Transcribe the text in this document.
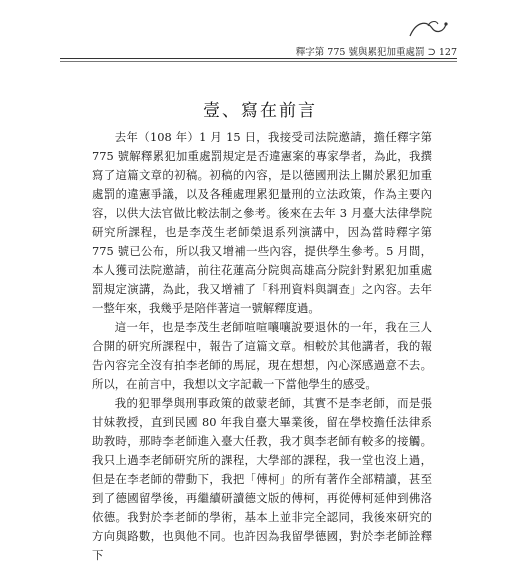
釋字第 775 號與累犯加重處罰 ⊃ 127
壹、寫在前言

去年（108 年）1 月 15 日，我接受司法院邀請，擔任釋字第 775 號解釋累犯加重處罰規定是否違憲案的專家學者，為此，我撰寫了這篇文章的初稿。初稿的內容，是以德國刑法上關於累犯加重處罰的違憲爭議，以及各種處理累犯量刑的立法政策，作為主要內容，以供大法官做比較法制之參考。後來在去年 3 月臺大法律學院研究所課程，也是李茂生老師榮退系列演講中，因為當時釋字第 775 號已公布，所以我又增補一些內容，提供學生參考。5 月間，本人獲司法院邀請，前往花蓮高分院與高雄高分院針對累犯加重處罰規定演講，為此，我又增補了「科刑資料與調查」之內容。去年一整年來，我幾乎是陪伴著這一號解釋度過。

這一年，也是李茂生老師喧喧嚷嚷說要退休的一年，我在三人合開的研究所課程中，報告了這篇文章。相較於其他講者，我的報告內容完全沒有拍李老師的馬屁，現在想想，內心深感過意不去。所以，在前言中，我想以文字記載一下當他學生的感受。

我的犯罪學與刑事政策的啟蒙老師，其實不是李老師，而是張甘妹教授，直到民國 80 年我自臺大畢業後，留在學校擔任法律系助教時，那時李老師進入臺大任教，我才與李老師有較多的接觸。我只上過李老師研究所的課程，大學部的課程，我一堂也沒上過，但是在李老師的帶動下，我把「傅柯」的所有著作全部精讀，甚至到了德國留學後，再繼續研讀德文版的傅柯，再從傅柯延伸到佛洛依德。我對於李老師的學術，基本上並非完全認同，我後來研究的方向與路數，也與他不同。也許因為我留學德國，對於李老師詮釋下
